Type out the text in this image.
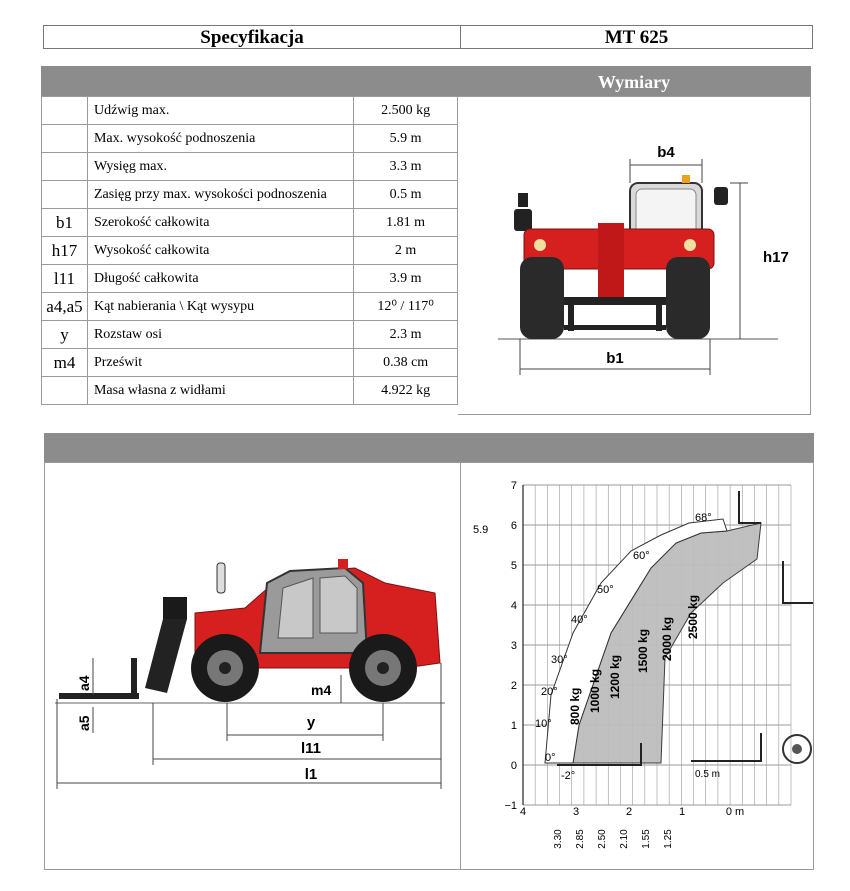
Specyfikacja	MT 625
Wymiary
	Udźwig max.	2.500 kg
	Max. wysokość podnoszenia	5.9 m
	Wysięg max.	3.3 m
	Zasięg przy max. wysokości podnoszenia	0.5 m
b1	Szerokość całkowita	1.81 m
h17	Wysokość całkowita	2 m
l11	Długość całkowita	3.9 m
a4,a5	Kąt nabierania \ Kąt wysypu	12⁰ / 117⁰
y	Rozstaw osi	2.3 m
m4	Prześwit	0.38 cm
	Masa własna z widłami	4.922 kg
b4
h17
b1
a4
a5
m4
y
l11
l1
7
6
5
4
3
2
1
0
−1 4	3	2	1	0 m
3.30 2.85 2.50 2.10 1.55 1.25
5.9
68°
60°
50°
40°
30°
20°
10°
0°
-2°
800 kg 1000 kg 1200 kg
1500 kg 2000 kg 2500 kg
0.5 m
